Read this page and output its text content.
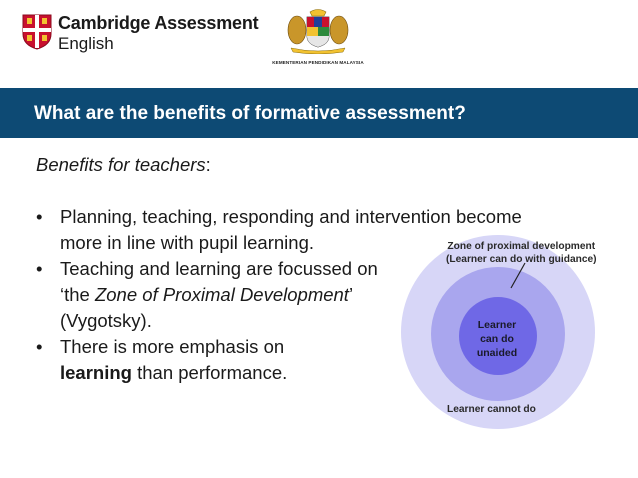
Cambridge Assessment
English
KEMENTERIAN PENDIDIKAN MALAYSIA
What are the benefits of formative assessment?
Benefits for teachers:
• Planning, teaching, responding and intervention become more in line with pupil learning.
• Teaching and learning are focussed on ‘the Zone of Proximal Development’ (Vygotsky).
• There is more emphasis on learning than performance.
Zone of proximal development
(Learner can do with guidance)
Learner
can do
unaided
Learner cannot do
